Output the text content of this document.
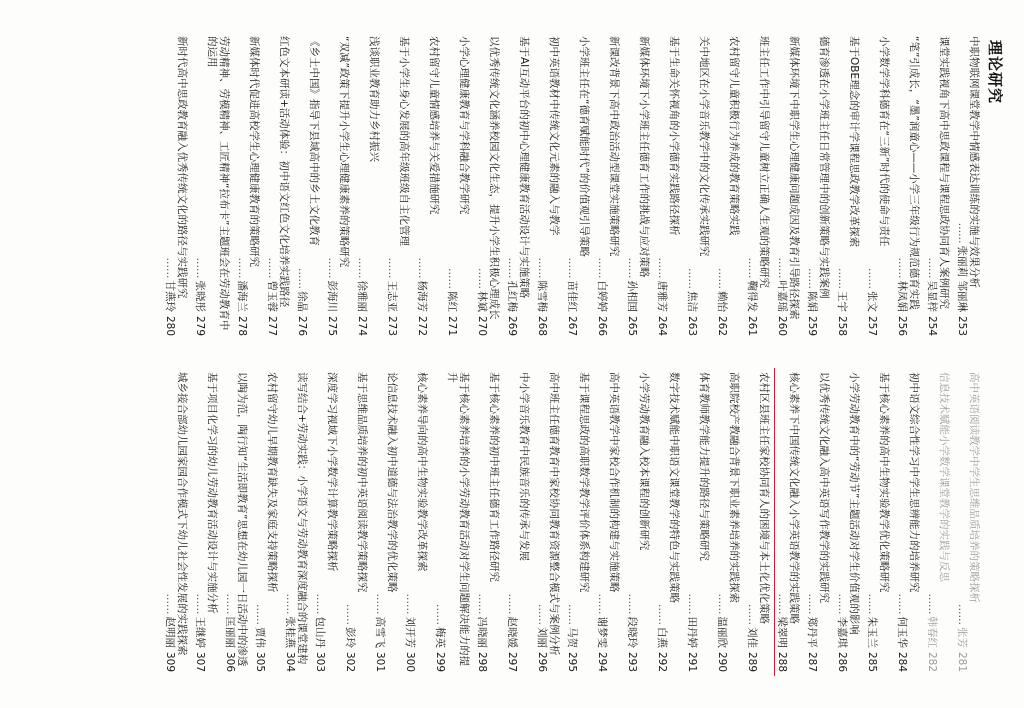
理论研究
中职物联网课堂教学中情感表达训练的实施与效果分析
……张丽莉 邹丽琳253
课堂实践视角下高中思政课程与课程思政协同育人案例研究
……吴显梓254
“笔”引成长，“墨”润童心——小学三年级行为规范德育实践
……林凤娟256
小学数学学科德育在“三新”时代的使命与责任
……张文257
基于OBE理念的审计学课程思政教学改革探索
……王宇258
德育渗透在小学班主任日常管理中的创新策略与实践案例
……陈娟259
新媒体环境下中职学生心理健康问题成因及教育引导路径探索
……叶嘉瑶260
班主任工作中引导留守儿童树立正确人生观的策略研究
……鞠得发261
农村留守儿童积极行为养成的教育策略实践
……赖怡262
关中地区在小学音乐教学中的文化传承实践研究
……焦洁263
基于生命关怀视角的小学德育实践路径探析
……唐雅芳264
新媒体环境下小学班主任德育工作的挑战与应对策略
……孙相国265
新课改背景下高中政治活动型课堂实施策略研究
……白婷婷266
小学班主任在“德育赋能时代”的价值观引导策略
……苗佳红267
初中英语教材中传统文化元素的融入与教学
……陈雪梅268
基于AI互动平台的初中心理健康教育活动设计与实施策略
……孔红梅269
以优秀传统文化涵养校园文化生态，提升小学生积极心理成长
……林斌270
小学心理健康教育与学科融合教学研究
……陈红271
农村留守儿童情感培养与关爱措施研究
……杨海芳272
基于小学生身心发展的高年级班级自主化管理
……王志亚273
浅谈职业教育助力乡村振兴
……徐雅丽274
“双减”政策下提升小学生心理健康素养的策略研究
……彭海川275
《乡土中国》指导下县域高中的乡土文化教育
……徐晶276
红色文本研读+活动体验：初中语文红色文化培养实践路径
……曾玉蓉277
新媒体时代促进高校学生心理健康教育的策略研究
……潘海兰278
劳动精神、劳模精神、工匠精神“拉布卡”主题班会在劳动教育中的运用
……张晓彤279
新时代高中思政教育融入优秀传统文化的路径与实践研究
……甘燕玲280
高中英语阅读教学中学生思维品质培养的策略探析
……张芳281
信息技术赋能小学数学课堂教学的实践与反思
……韩春红282
初中语文综合性学习中学生思辨能力的培养研究
……何玉华284
基于核心素养的高中生物实验教学优化策略研究
……朱玉兰285
小学劳动教育中的“劳动节”主题活动对学生价值观的影响
……李嘉琪286
以优秀传统文化融入高中英语写作教学的实践研究
……郑丹平287
核心素养下中国传统文化融入小学英语教学的实践策略
……梁翠明288
农村区县班主任家校协同育人的困境与本土化优化策略
……刘佳289
高职院校产教融合背景下职业素养培养的实践探索
……温丽欣290
体育教师教学能力提升的路径与策略研究
……田丹婷291
数字技术赋能中职语文课堂教学的特色与实践策略
……白燕292
小学劳动教育融入校本课程的创新研究
……段晓玲293
高中英语教学中家校合作机制的构建与实施策略
……谢梦雯294
基于课程思政的高职数学教学评价体系构建研究
……马贺295
高中班主任德育教育中家校协同教育资源整合模式与案例分析
……刘丽296
中小学音乐教育中民族音乐的传承与发展
……赵晓媛297
基于核心素养的初中班主任德育工作路径研究
……冯晓丽298
基于核心素养培养的小学劳动教育活动对学生问题解决能力的提升
……梅英299
核心素养导向的高中生物实验教学改革探索
……刘开芳300
论信息技术融入初中道德与法治教学的优化策略
……高雪飞301
基于思维品质培养的初中英语阅读教学策略探究
……彭玲302
深度学习视域下小学数学计算教学策略探析
……包山丹303
读写结合+劳动实践：小学语文与劳动教育深度融合的课堂建构
……张桂燕304
农村留守幼儿早期教育缺失及家庭支持策略探析
……贾伟305
以陶为范，陶行知“生活即教育”思想在幼儿园一日活动中的渗透
……匡丽丽306
基于项目化学习的幼儿劳动教育活动设计与实施分析
……王继婷307
城乡接合部幼儿园家园合作模式下幼儿社会性发展的实践探索
……赵明丽309
